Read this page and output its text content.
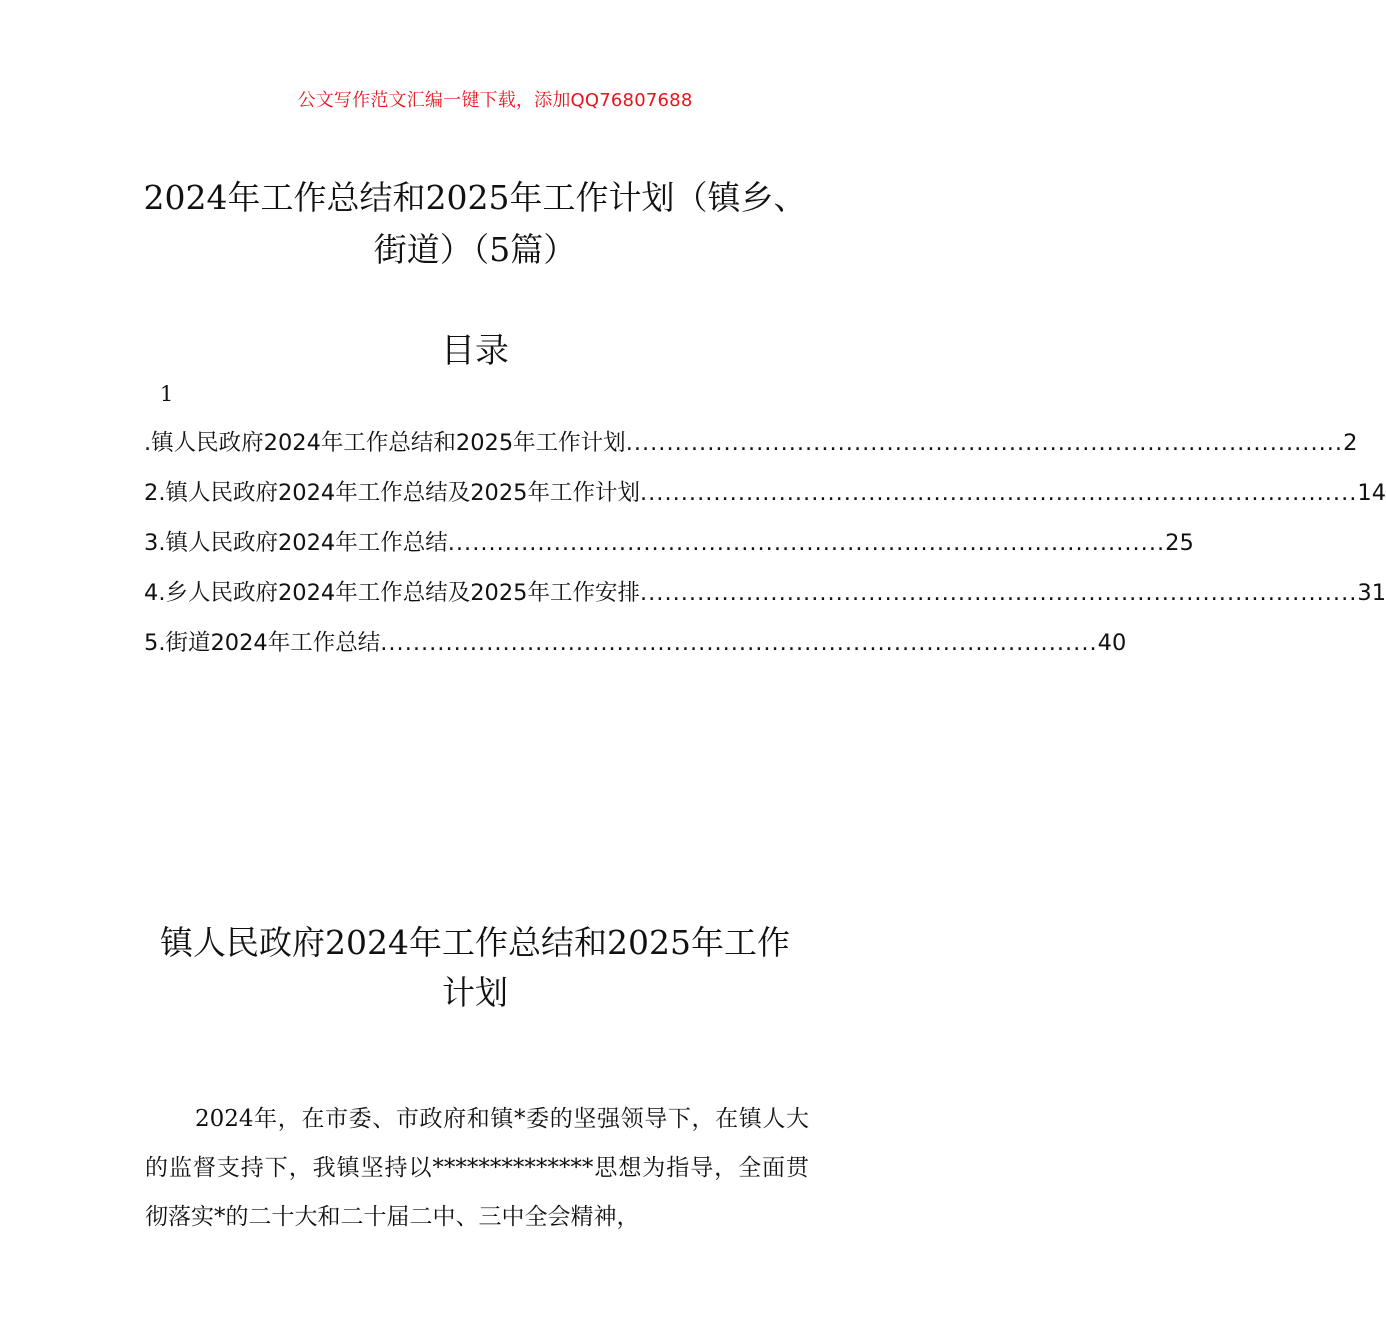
公文写作范文汇编一键下载，添加QQ76807688
2024年工作总结和2025年工作计划（镇乡、
街道）（5篇）
目录
1
.镇人民政府2024年工作总结和2025年工作计划 ........................................................................................ 2
2.镇人民政府2024年工作总结及2025年工作计划 ........................................................................................ 14
3.镇人民政府2024年工作总结 ........................................................................................ 25
4.乡人民政府2024年工作总结及2025年工作安排 ........................................................................................ 31
5.街道2024年工作总结 ........................................................................................ 40
镇人民政府2024年工作总结和2025年工作
计划

2024年，在市委、市政府和镇*委的坚强领导下，在镇人大的监督支持下，我镇坚持以**************思想为指导，全面贯彻落实*的二十大和二十届二中、三中全会精神，
